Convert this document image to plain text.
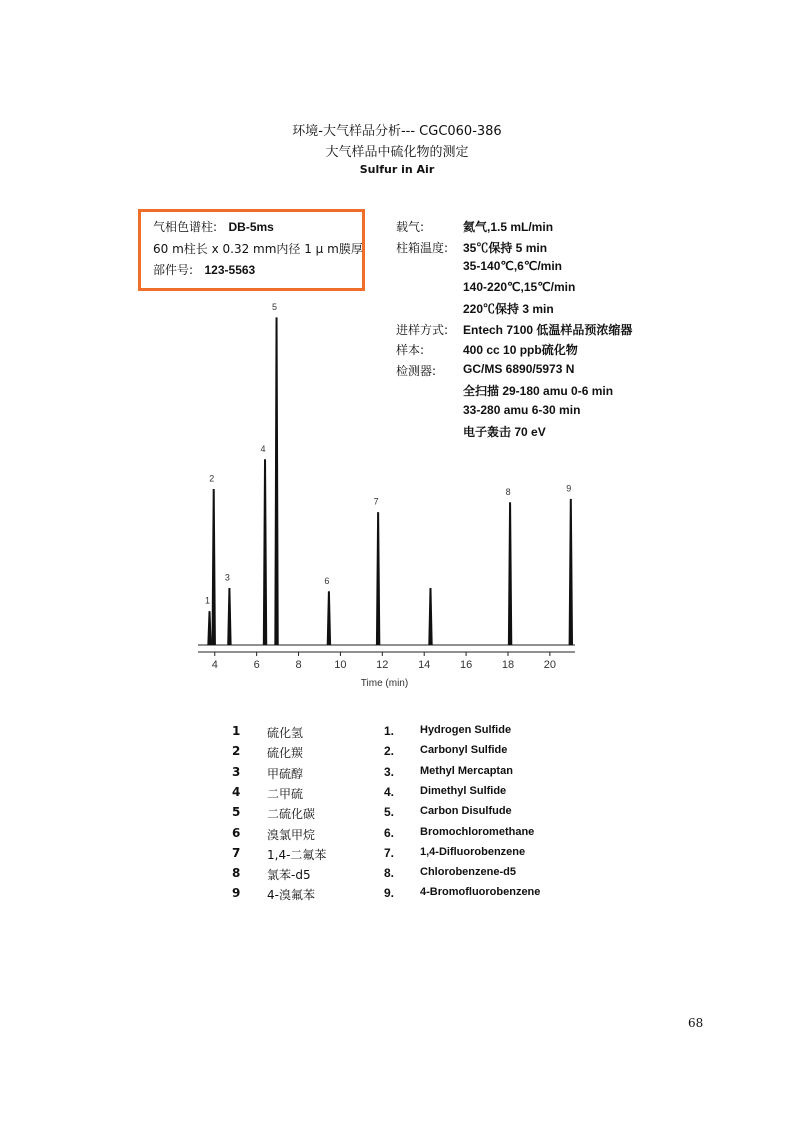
环境-大气样品分析--- CGC060-386
大气样品中硫化物的测定
Sulfur in Air
气相色谱柱: DB-5ms
60 m柱长 x 0.32 mm内径 1 μ m膜厚
部件号: 123-5563
载气:	氦气,1.5 mL/min
柱箱温度: 35℃保持 5 min
35-140℃,6℃/min
140-220℃,15℃/min
220℃保持 3 min
进样方式: Entech 7100 低温样品预浓缩器
样本:	400 cc 10 ppb硫化物
检测器: GC/MS 6890/5973 N
全扫描 29-180 amu 0-6 min
33-280 amu 6-30 min
电子轰击 70 eV
4	6	8	10	12	14	16	18	20
Time (min)
1
2
3
4
5
6
7
8	9
1 硫化氢	1. Hydrogen Sulfide
2 硫化羰	2. Carbonyl Sulfide
3 甲硫醇	3. Methyl Mercaptan
4 二甲硫	4. Dimethyl Sulfide
5 二硫化碳	5. Carbon Disulfude
6 溴氯甲烷	6. Bromochloromethane
7 1,4-二氟苯	7. 1,4-Difluorobenzene
8 氯苯-d5	8. Chlorobenzene-d5
9 4-溴氟苯	9. 4-Bromofluorobenzene
68
